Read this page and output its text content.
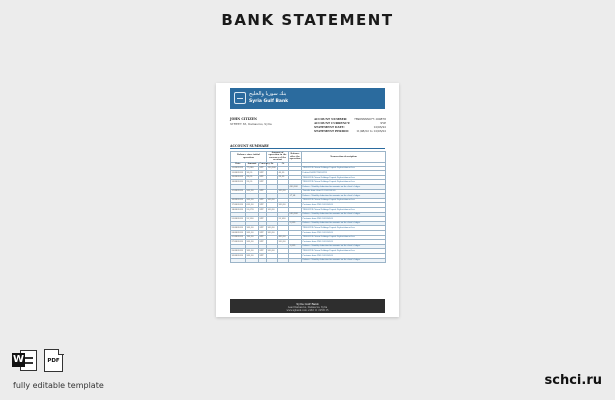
BANK STATEMENT
بنك سوريا والخليج
Syria Gulf Bank
JOHN CITIZEN
STREET 83, Damascus, Syria
ACCOUNT NUMBER: 7890XXXX077-109876
ACCOUNT CURRENCY:	SYP
STATEMENT DATE:	12/03/22
STATEMENT PERIOD:	11/08/22 to 12/03/22
ACCOUNT SUMMARY
Balance since initial operation			Amount of operation in the currency of the account		Balance after the operation	Transaction description
Date	Amount	Currency	Dr	Cr		
11/08/2022	77,680	SYP	120,000			TRANSFER Citizen Holdings Deposit Replenishment fees
11/08/2022	30,00	SYP		40,00		Debited BANK TRANSFER
12/08/2022	22,00	SYP		22,00		TRANSFER Citizen Holdings Deposit Replenishment fees
14/08/2022	22,00	SYP				TRANSFER Citizen Holdings Deposit Replenishment fees
					400,000	Balance - Monthly deduction for amounts on the client's ledger
15/08/2022	200,00	SYP		300,00		Transfer from client ID 0900098909
					17,98	Balance - Monthly deduction for amounts on the client's ledger
16/08/2022	200,00	SYP	300,00			TRANSFER Citizen Holdings Deposit Replenishment fees
17/08/2022	600,00	SYP		300,00		Customer from CBO 0900098909
18/08/2022	21,678	SYP	100,00			TRANSFER Citizen Holdings Deposit Replenishment fees
					900,000	Balance - Monthly deduction for amounts on the client's ledger
21/08/2022	21,200	SYP		21,900		Customer from CBO 0900098909
					2,000	Balance - Monthly deduction for amounts on the client's ledger
22/08/2022	300,00	SYP	300,00			TRANSFER Citizen Holdings Deposit Replenishment fees
24/08/2022	200,00	SYP	300,00			Customer from CBO 0900098909
25/08/2022	120,00	SYP		400,00		TRANSFER Citizen Holdings Deposit Replenishment fees
27/08/2022	200,00	SYP		300,00		Customer from CBO 0900098909
					1,000	Balance - Monthly deduction for amounts on the client's ledger
29/08/2022	300,00	SYP	300,00			TRANSFER Citizen Holdings Deposit Replenishment fees
30/08/2022	200,00	SYP				Customer from CBO 0900098909
						Balance - Monthly deduction for amounts on the client's ledger
Syria Gulf Bank
Asad Damascus, Damascus, Syria
www.sgbank.com +963 11 2255115
W	PDF
fully editable template	schci.ru
